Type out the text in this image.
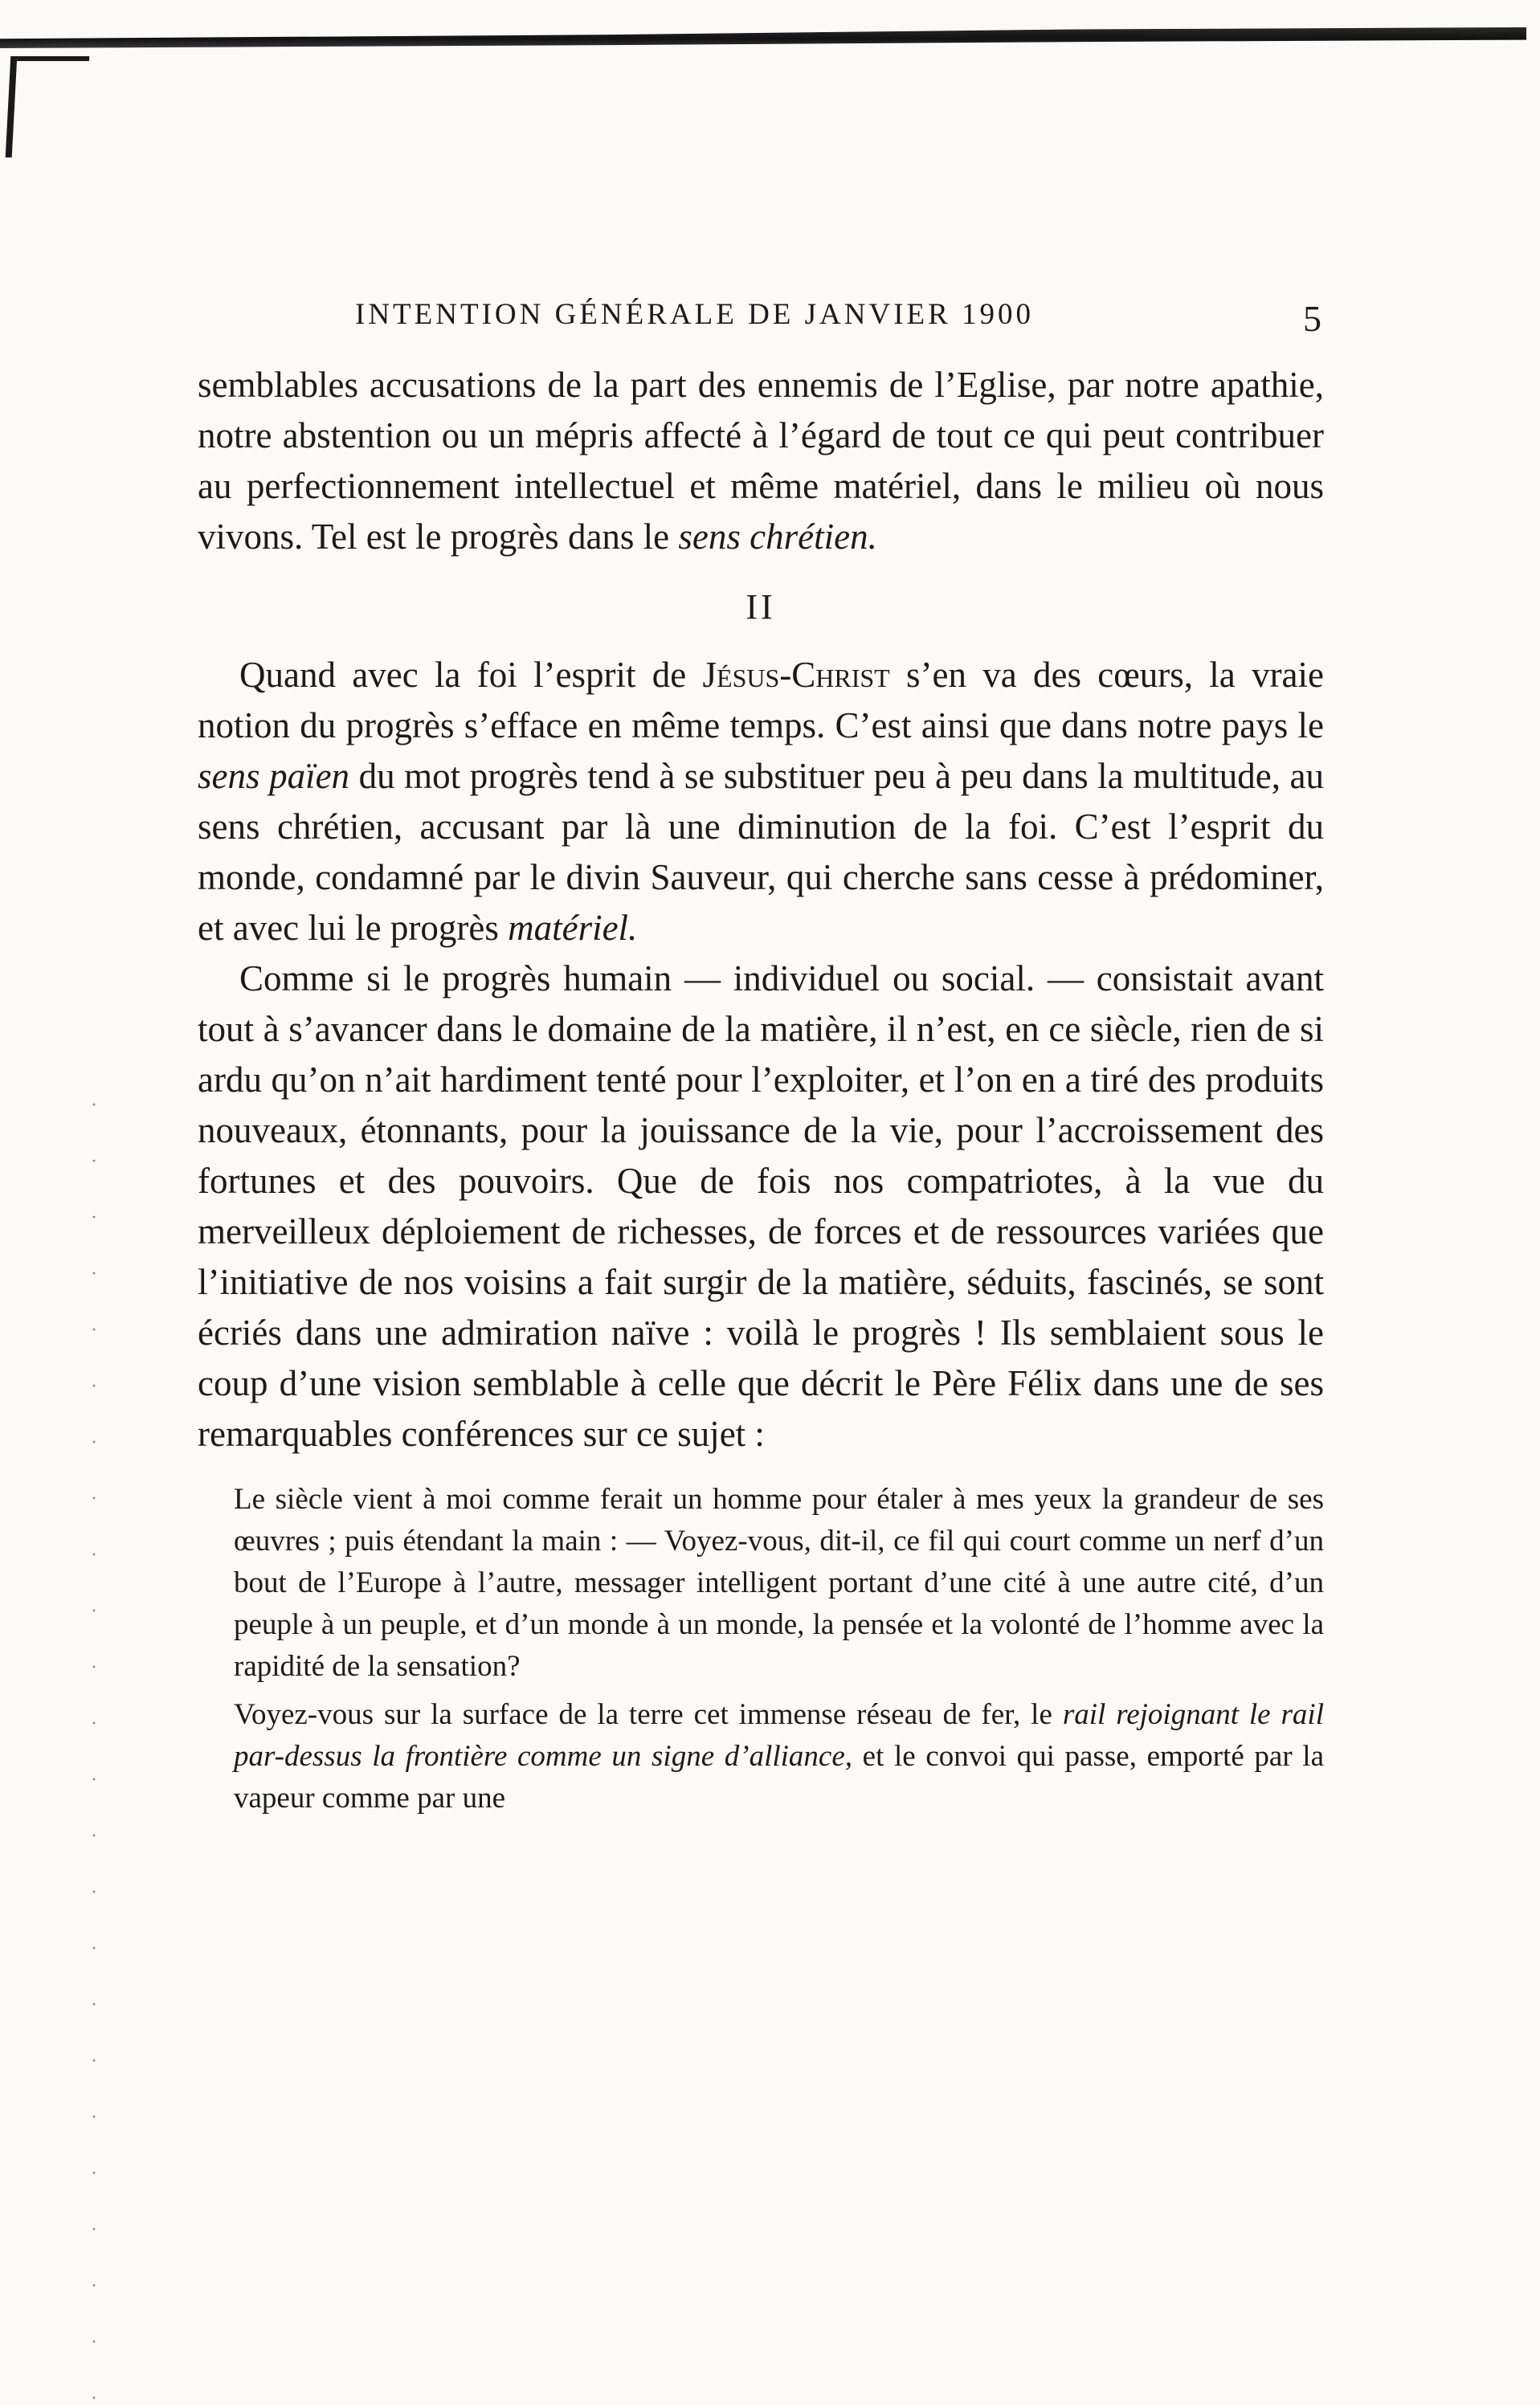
INTENTION GÉNÉRALE DE JANVIER 1900	5

semblables accusations de la part des ennemis de l’Eglise, par notre apathie, notre abstention ou un mépris affecté à l’égard de tout ce qui peut contribuer au perfectionnement intellectuel et même matériel, dans le milieu où nous vivons. Tel est le progrès dans le sens chrétien.

II

Quand avec la foi l’esprit de Jésus-Christ s’en va des cœurs, la vraie notion du progrès s’efface en même temps. C’est ainsi que dans notre pays le sens païen du mot progrès tend à se substituer peu à peu dans la multitude, au sens chrétien, accusant par là une diminution de la foi. C’est l’esprit du monde, condamné par le divin Sauveur, qui cherche sans cesse à prédominer, et avec lui le progrès matériel.

Comme si le progrès humain — individuel ou social. — consistait avant tout à s’avancer dans le domaine de la matière, il n’est, en ce siècle, rien de si ardu qu’on n’ait hardiment tenté pour l’exploiter, et l’on en a tiré des produits nouveaux, étonnants, pour la jouissance de la vie, pour l’accroissement des fortunes et des pouvoirs. Que de fois nos compatriotes, à la vue du merveilleux déploiement de richesses, de forces et de ressources variées que l’initiative de nos voisins a fait surgir de la matière, séduits, fascinés, se sont écriés dans une admiration naïve : voilà le progrès ! Ils semblaient sous le coup d’une vision semblable à celle que décrit le Père Félix dans une de ses remarquables conférences sur ce sujet :

Le siècle vient à moi comme ferait un homme pour étaler à mes yeux la grandeur de ses œuvres ; puis étendant la main : — Voyez-vous, dit-il, ce fil qui court comme un nerf d’un bout de l’Europe à l’autre, messager intelligent portant d’une cité à une autre cité, d’un peuple à un peuple, et d’un monde à un monde, la pensée et la volonté de l’homme avec la rapidité de la sensation?

Voyez-vous sur la surface de la terre cet immense réseau de fer, le rail rejoignant le rail par-dessus la frontière comme un signe d’alliance, et le convoi qui passe, emporté par la vapeur comme par une
